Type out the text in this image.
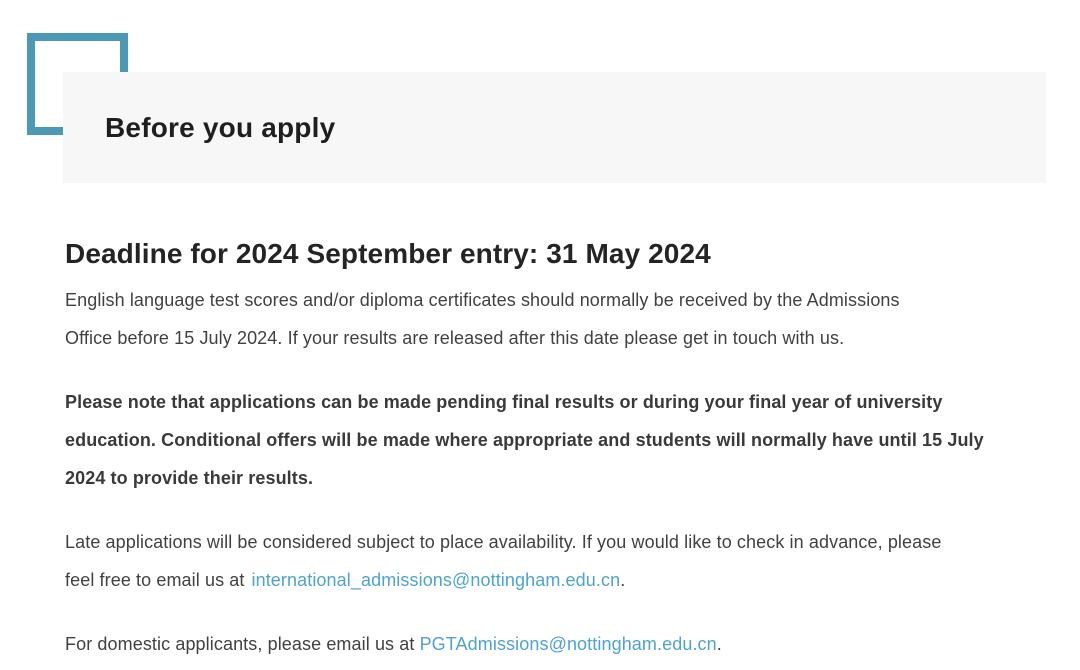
Before you apply
Deadline for 2024 September entry: 31 May 2024

English language test scores and/or diploma certificates should normally be received by the Admissions
Office before 15 July 2024. If your results are released after this date please get in touch with us.

Please note that applications can be made pending final results or during your final year of university
education. Conditional offers will be made where appropriate and students will normally have until 15 July
2024 to provide their results.

Late applications will be considered subject to place availability. If you would like to check in advance, please
feel free to email us at international_admissions@nottingham.edu.cn.

For domestic applicants, please email us at PGTAdmissions@nottingham.edu.cn.
